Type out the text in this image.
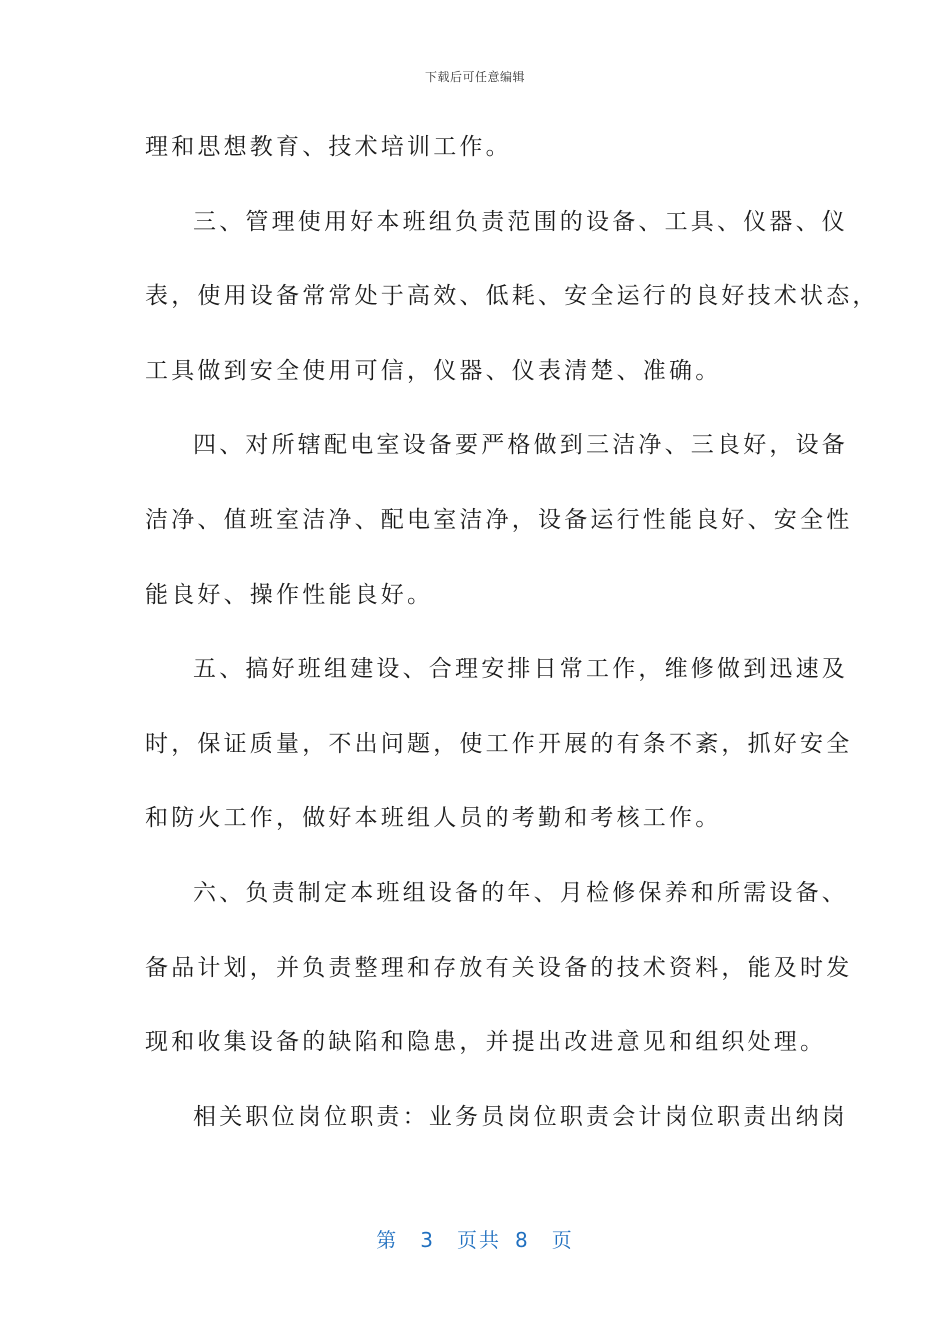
下载后可任意编辑
理和思想教育、技术培训工作。
三、管理使用好本班组负责范围的设备、工具、仪器、仪
表，使用设备常常处于高效、低耗、安全运行的良好技术状态，
工具做到安全使用可信，仪器、仪表清楚、准确。
四、对所辖配电室设备要严格做到三洁净、三良好，设备
洁净、值班室洁净、配电室洁净，设备运行性能良好、安全性
能良好、操作性能良好。
五、搞好班组建设、合理安排日常工作，维修做到迅速及
时，保证质量，不出问题，使工作开展的有条不紊，抓好安全
和防火工作，做好本班组人员的考勤和考核工作。
六、负责制定本班组设备的年、月检修保养和所需设备、
备品计划，并负责整理和存放有关设备的技术资料，能及时发
现和收集设备的缺陷和隐患，并提出改进意见和组织处理。
相关职位岗位职责：业务员岗位职责会计岗位职责出纳岗
第 3 页共 8 页
